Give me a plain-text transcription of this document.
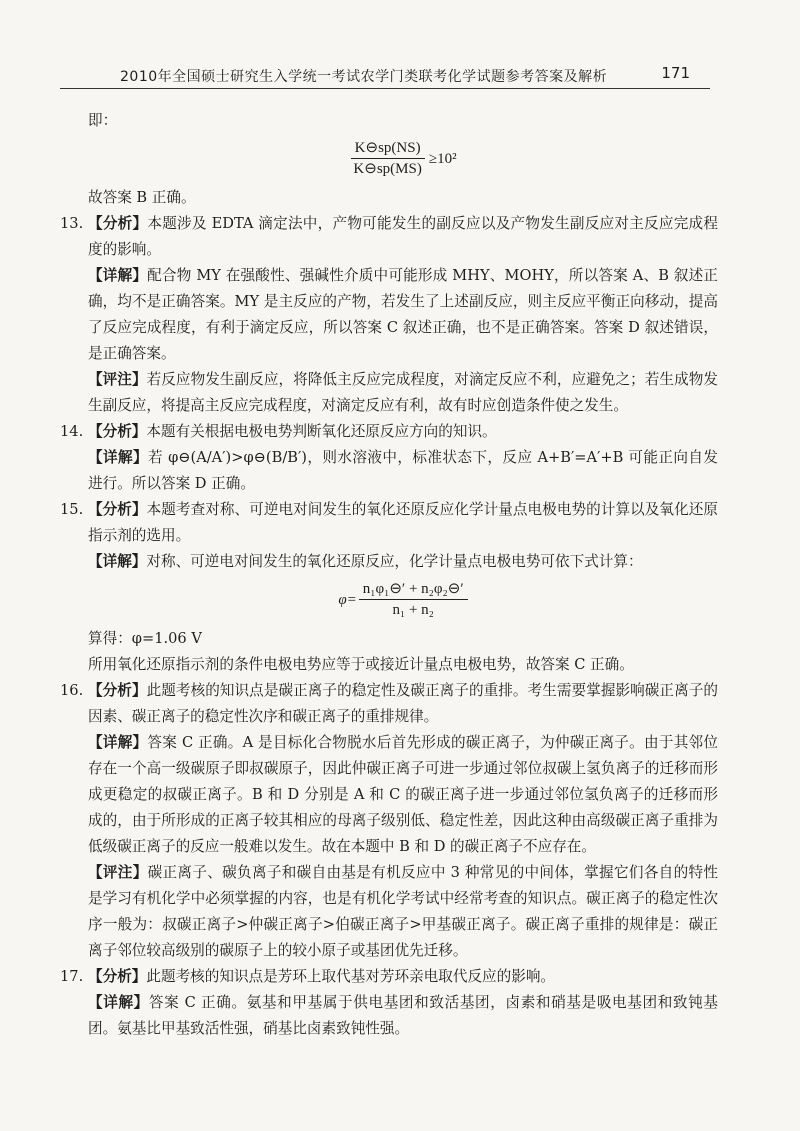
2010年全国硕士研究生入学统一考试农学门类联考化学试题参考答案及解析	171

即：

$\frac{K⊖sp(NS)}{K⊖sp(MS)} \ge 10^2$

故答案 B 正确。

13. 【分析】本题涉及 EDTA 滴定法中，产物可能发生的副反应以及产物发生副反应对主反应完成程度的影响。

【详解】配合物 MY 在强酸性、强碱性介质中可能形成 MHY、MOHY，所以答案 A、B 叙述正确，均不是正确答案。MY 是主反应的产物，若发生了上述副反应，则主反应平衡正向移动，提高了反应完成程度，有利于滴定反应，所以答案 C 叙述正确，也不是正确答案。答案 D 叙述错误，是正确答案。

【评注】若反应物发生副反应，将降低主反应完成程度，对滴定反应不利，应避免之；若生成物发生副反应，将提高主反应完成程度，对滴定反应有利，故有时应创造条件使之发生。

14. 【分析】本题有关根据电极电势判断氧化还原反应方向的知识。

【详解】若 φ⊖(A/A′)>φ⊖(B/B′)，则水溶液中，标准状态下，反应 A+B′=A′+B 可能正向自发进行。所以答案 D 正确。

15. 【分析】本题考查对称、可逆电对间发生的氧化还原反应化学计量点电极电势的计算以及氧化还原指示剂的选用。

【详解】对称、可逆电对间发生的氧化还原反应，化学计量点电极电势可依下式计算：

$\varphi= \frac{\text{n₁φ₁⊖′ + n₂φ₂⊖′}}{\text{n₁ + n₂}}$

算得：φ=1.06 V

所用氧化还原指示剂的条件电极电势应等于或接近计量点电极电势，故答案 C 正确。

16. 【分析】此题考核的知识点是碳正离子的稳定性及碳正离子的重排。考生需要掌握影响碳正离子的因素、碳正离子的稳定性次序和碳正离子的重排规律。

【详解】答案 C 正确。A 是目标化合物脱水后首先形成的碳正离子，为仲碳正离子。由于其邻位存在一个高一级碳原子即叔碳原子，因此仲碳正离子可进一步通过邻位叔碳上氢负离子的迁移而形成更稳定的叔碳正离子。B 和 D 分别是 A 和 C 的碳正离子进一步通过邻位氢负离子的迁移而形成的，由于所形成的正离子较其相应的母离子级别低、稳定性差，因此这种由高级碳正离子重排为低级碳正离子的反应一般难以发生。故在本题中 B 和 D 的碳正离子不应存在。

【评注】碳正离子、碳负离子和碳自由基是有机反应中 3 种常见的中间体，掌握它们各自的特性是学习有机化学中必须掌握的内容，也是有机化学考试中经常考查的知识点。碳正离子的稳定性次序一般为：叔碳正离子>仲碳正离子>伯碳正离子>甲基碳正离子。碳正离子重排的规律是：碳正离子邻位较高级别的碳原子上的较小原子或基团优先迁移。

17. 【分析】此题考核的知识点是芳环上取代基对芳环亲电取代反应的影响。

【详解】答案 C 正确。氨基和甲基属于供电基团和致活基团，卤素和硝基是吸电基团和致钝基团。氨基比甲基致活性强，硝基比卤素致钝性强。
